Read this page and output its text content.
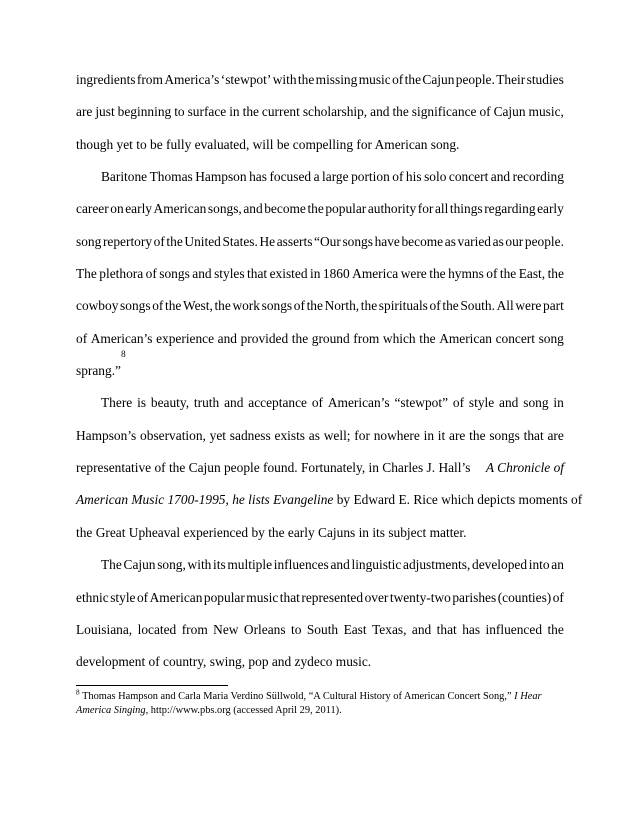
ingredients from America’s ‘stewpot’ with the missing music of the Cajun people. Their studies
are just beginning to surface in the current scholarship, and the significance of Cajun music,
though yet to be fully evaluated, will be compelling for American song.
Baritone Thomas Hampson has focused a large portion of his solo concert and recording
career on early American songs, and become the popular authority for all things regarding early
song repertory of the United States. He asserts “Our songs have become as varied as our people.
The plethora of songs and styles that existed in 1860 America were the hymns of the East, the
cowboy songs of the West, the work songs of the North, the spirituals of the South. All were part
of American’s experience and provided the ground from which the American concert song
sprang.”
8
There is beauty, truth and acceptance of American’s “stewpot” of style and song in
Hampson’s observation, yet sadness exists as well; for nowhere in it are the songs that are
representative of the Cajun people found. Fortunately, in Charles J. Hall’s
A Chronicle of
American Music 1700-1995, he lists Evangeline by Edward E. Rice which depicts moments of
the Great Upheaval experienced by the early Cajuns in its subject matter.
The Cajun song, with its multiple influences and linguistic adjustments, developed into an
ethnic style of American popular music that represented over twenty-two parishes (counties) of
Louisiana, located from New Orleans to South East Texas, and that has influenced the
development of country, swing, pop and zydeco music.
$^8$ Thomas Hampson and Carla Maria Verdino Süllwold, “A Cultural History of American Concert Song,” I Hear America Singing, http://www.pbs.org (accessed April 29, 2011).
